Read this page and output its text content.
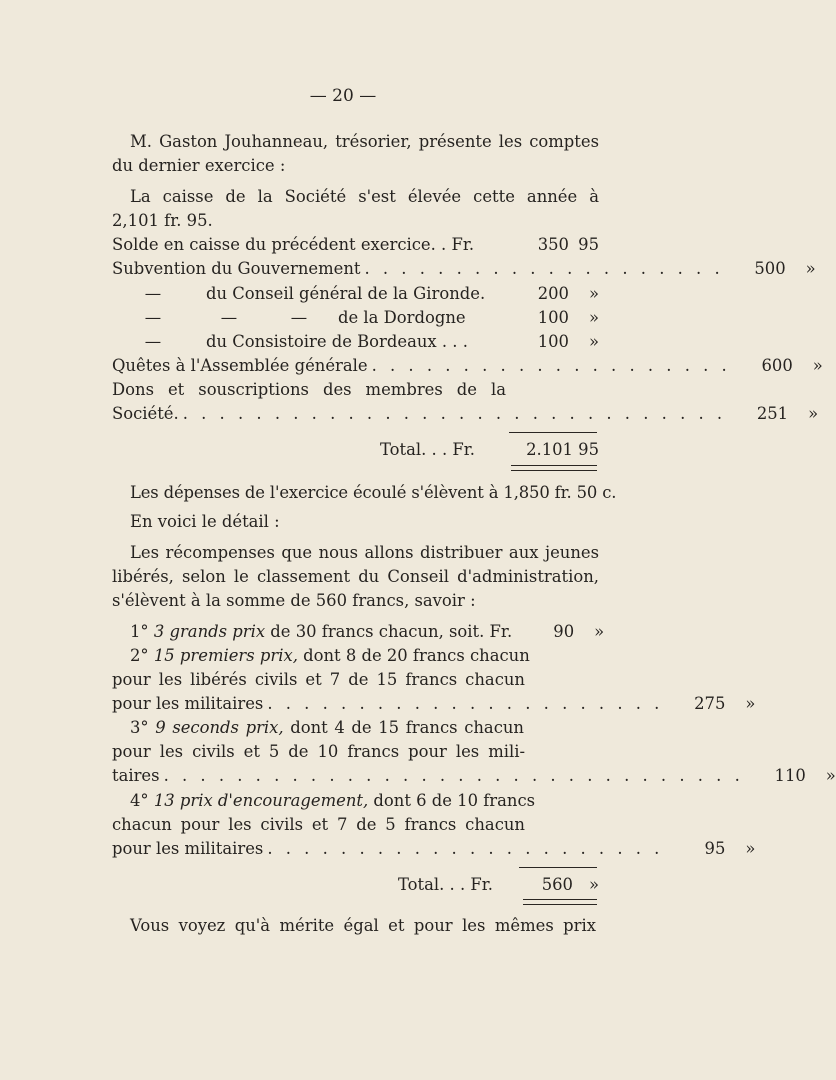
— 20 —
M. Gaston Jouhanneau, trésorier, présente les comptes
du dernier exercice :
La caisse de la Société s'est élevée cette année à
2,101 fr. 95.
Solde en caisse du précédent exercice. . Fr.	350 95
Subvention du Gouvernement . . . . . . . . . . . . . . . . . . . .	500	»
—	du Conseil général de la Gironde.	200	»
—	—	—	de la Dordogne	100	»
—	du Consistoire de Bordeaux . . .	100	»
Quêtes à l'Assemblée générale . . . . . . . . . . . . . . . . . . . .	600	»
Dons et souscriptions des membres de la
Société. . . . . . . . . . . . . . . . . . . . . . . . . . . . . . .	251	»
Total. . . Fr.	2.101 95
Les dépenses de l'exercice écoulé s'élèvent à 1,850 fr. 50 c.
En voici le détail :
Les récompenses que nous allons distribuer aux jeunes
libérés, selon le classement du Conseil d'administration,
s'élèvent à la somme de 560 francs, savoir :
1° 3 grands prix de 30 francs chacun, soit. Fr.	90	»
2° 15 premiers prix, dont 8 de 20 francs chacun
pour les libérés civils et 7 de 15 francs chacun
pour les militaires . . . . . . . . . . . . . . . . . . . . . .	275	»
3° 9 seconds prix, dont 4 de 15 francs chacun
pour les civils et 5 de 10 francs pour les mili-
taires . . . . . . . . . . . . . . . . . . . . . . . . . . . . . . . .	110	»
4° 13 prix d'encouragement, dont 6 de 10 francs
chacun pour les civils et 7 de 5 francs chacun
pour les militaires . . . . . . . . . . . . . . . . . . . . . .	95	»
Total. . . Fr.	560 »
Vous voyez qu'à mérite égal et pour les mêmes prix
